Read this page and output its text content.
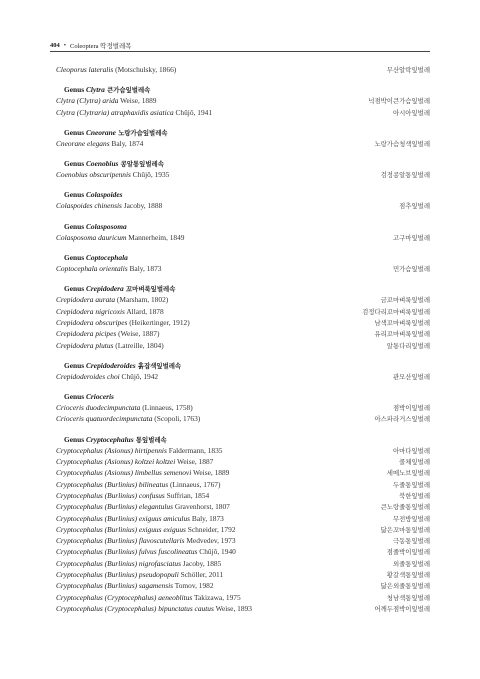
404 • Coleoptera 딱정벌레목
Cleoporus lateralis (Motschulsky, 1866)	무산알락잎벌레
Genus Clytra 큰가슴잎벌레속
Clytra (Clytra) arida Weise, 1889	넉점박이큰가슴잎벌레
Clytra (Clytraria) atraphaxidis asiatica Chûjô, 1941	아시아잎벌레
Genus Cneorane 노랑가슴잎벌레속
Cneorane elegans Baly, 1874	노랑가슴청색잎벌레
Genus Coenobius 콩알통잎벌레속
Coenobius obscuripennis Chûjô, 1935	검정콩알통잎벌레
Genus Colaspoides
Colaspoides chinensis Jacoby, 1888	점추잎벌레
Genus Colasposoma
Colasposoma dauricum Mannerheim, 1849	고구마잎벌레
Genus Coptocephala
Coptocephala orientalis Baly, 1873	민가슴잎벌레
Genus Crepidodera 꼬마벼룩잎벌레속
Crepidodera aurata (Marsham, 1802)	금꼬마벼룩잎벌레
Crepidodera nigricoxis Allard, 1878	검정다리꼬마벼룩잎벌레
Crepidodera obscuripes (Heikertinger, 1912)	남색꼬마벼룩잎벌레
Crepidodera picipes (Weise, 1887)	유리꼬마벼룩잎벌레
Crepidodera plutus (Latreille, 1804)	알통다리잎벌레
Genus Crepidoderoides 흙잡색잎벌레속
Crepidoderoides choi Chûjô, 1942	관모산잎벌레
Genus Crioceris
Crioceris duodecimpunctata (Linnaeus, 1758)	점박이잎벌레
Crioceris quatuordecimpunctata (Scopoli, 1763)	아스파라거스잎벌레
Genus Cryptocephalus 통잎벌레속
Cryptocephalus (Asionus) hirtipennis Faldermann, 1835	아마다잎벌레
Cryptocephalus (Asionus) koltzei koltzei Weise, 1887	콜체잎벌레
Cryptocephalus (Asionus) limbellus semenovi Weise, 1889	세메노브잎벌레
Cryptocephalus (Burlinius) bilineatus (Linnaeus, 1767)	두줄통잎벌레
Cryptocephalus (Burlinius) confusus Suffrian, 1854	북한잎벌레
Cryptocephalus (Burlinius) elegantulus Gravenhorst, 1807	큰노랑줄통잎벌레
Cryptocephalus (Burlinius) exiguus amiculus Baly, 1873	무전방잎벌레
Cryptocephalus (Burlinius) exiguus exiguus Schneider, 1792	닮은꼬마통잎벌레
Cryptocephalus (Burlinius) flavoscutellaris Medvedev, 1973	극동통잎벌레
Cryptocephalus (Burlinius) fulvus fuscolineatus Chûjô, 1940	점줄박이잎벌레
Cryptocephalus (Burlinius) nigrofasciatus Jacoby, 1885	외줄통잎벌레
Cryptocephalus (Burlinius) pseudopopuli Schöller, 2011	황갈색통잎벌레
Cryptocephalus (Burlinius) sagamensis Tomov, 1982	닮은외줄통잎벌레
Cryptocephalus (Cryptocephalus) aeneoblitus Takizawa, 1975	청남색통잎벌레
Cryptocephalus (Cryptocephalus) bipunctatus cautus Weise, 1893	어깨두점박이잎벌레
